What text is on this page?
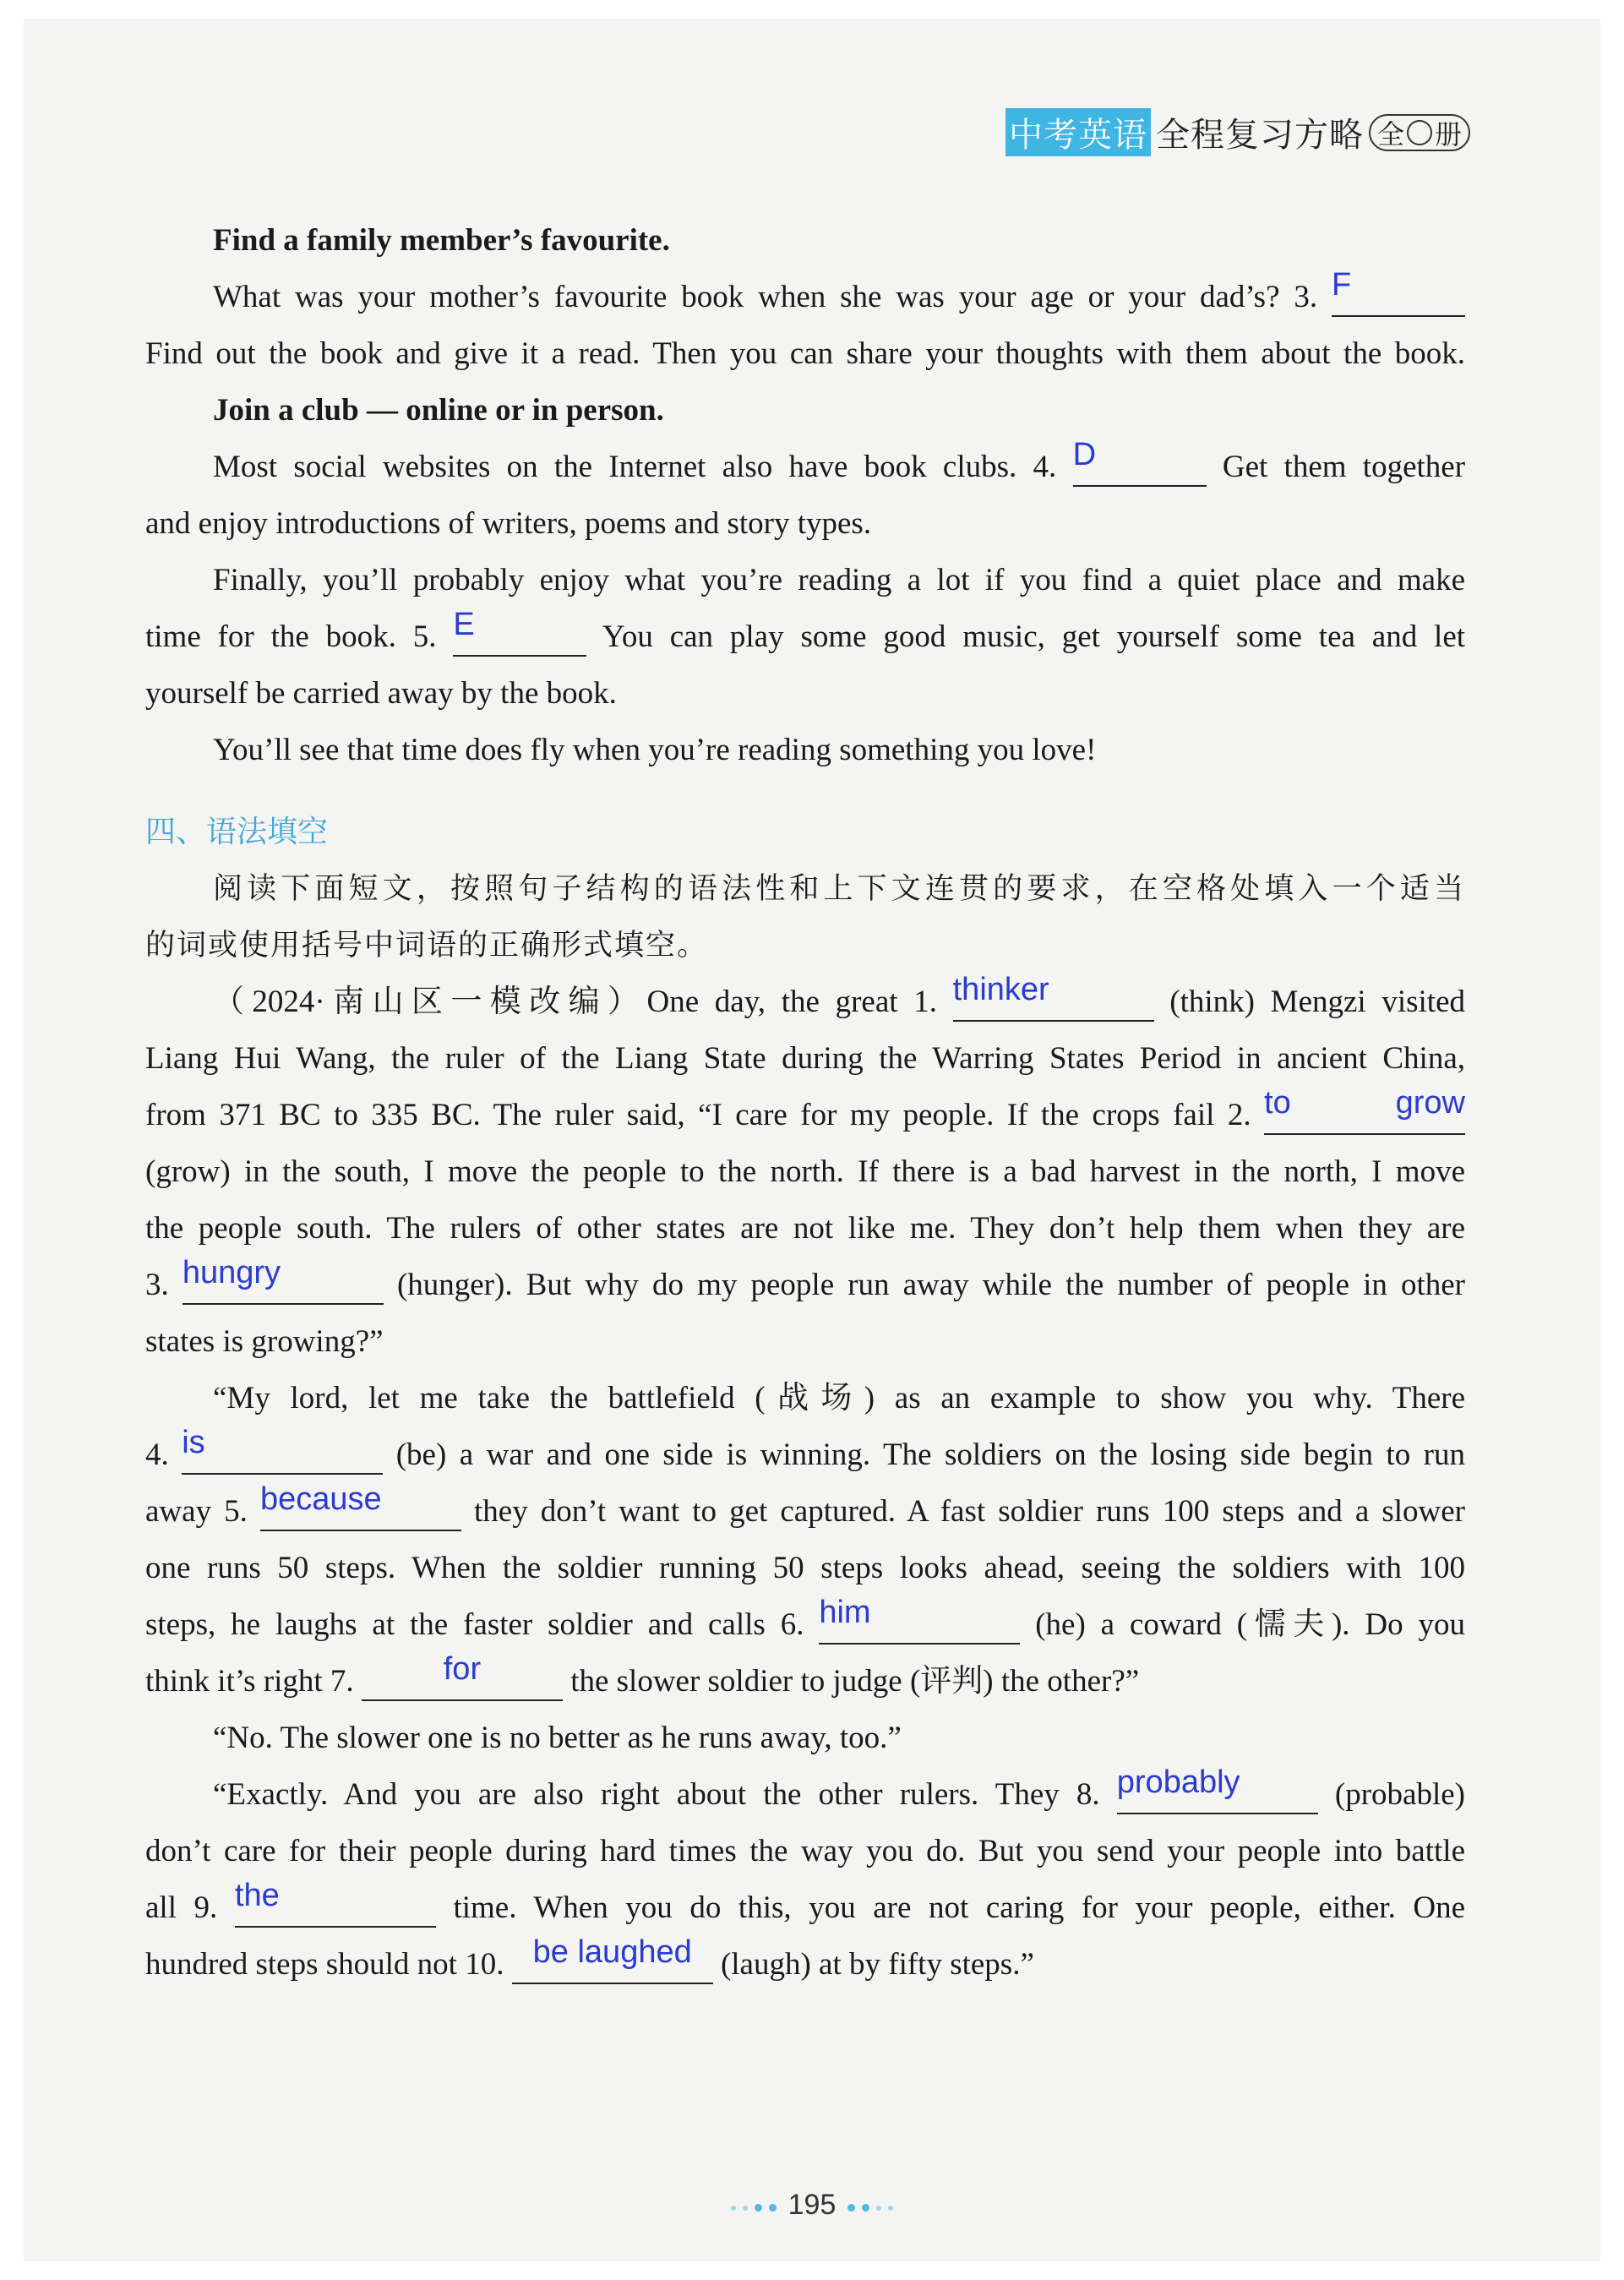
中考英语 全程复习方略 全 册
Find a family member’s favourite.
What was your mother’s favourite book when she was your age or your dad’s? 3. F
Find out the book and give it a read. Then you can share your thoughts with them about the book.
Join a club — online or in person.
Most social websites on the Internet also have book clubs. 4. D	Get them together
and enjoy introductions of writers, poems and story types.
Finally, you’ll probably enjoy what you’re reading a lot if you find a quiet place and make
time for the book. 5. E	You can play some good music, get yourself some tea and let
yourself be carried away by the book.
You’ll see that time does fly when you’re reading something you love!
四、语法填空
阅读下面短文，按照句子结构的语法性和上下文连贯的要求，在空格处填入一个适当
的词或使用括号中词语的正确形式填空。
（2024·南山区一模改编）One day, the great 1. thinker	(think) Mengzi visited
Liang Hui Wang, the ruler of the Liang State during the Warring States Period in ancient China,
from 371 BC to 335 BC. The ruler said, “I care for my people. If the crops fail 2. to grow
(grow) in the south, I move the people to the north. If there is a bad harvest in the north, I move
the people south. The rulers of other states are not like me. They don’t help them when they are
3. hungry	(hunger). But why do my people run away while the number of people in other
states is growing?”
“My lord, let me take the battlefield (战场) as an example to show you why. There
4. is	(be) a war and one side is winning. The soldiers on the losing side begin to run
away 5. because	they don’t want to get captured. A fast soldier runs 100 steps and a slower
one runs 50 steps. When the soldier running 50 steps looks ahead, seeing the soldiers with 100
steps, he laughs at the faster soldier and calls 6. him	(he) a coward (懦夫). Do you
think it’s right 7.	for	the slower soldier to judge (评判) the other?”
“No. The slower one is no better as he runs away, too.”
“Exactly. And you are also right about the other rulers. They 8. probably	(probable)
don’t care for their people during hard times the way you do. But you send your people into battle
all 9. the	time. When you do this, you are not caring for your people, either. One
hundred steps should not 10. be laughed (laugh) at by fifty steps.”
195
